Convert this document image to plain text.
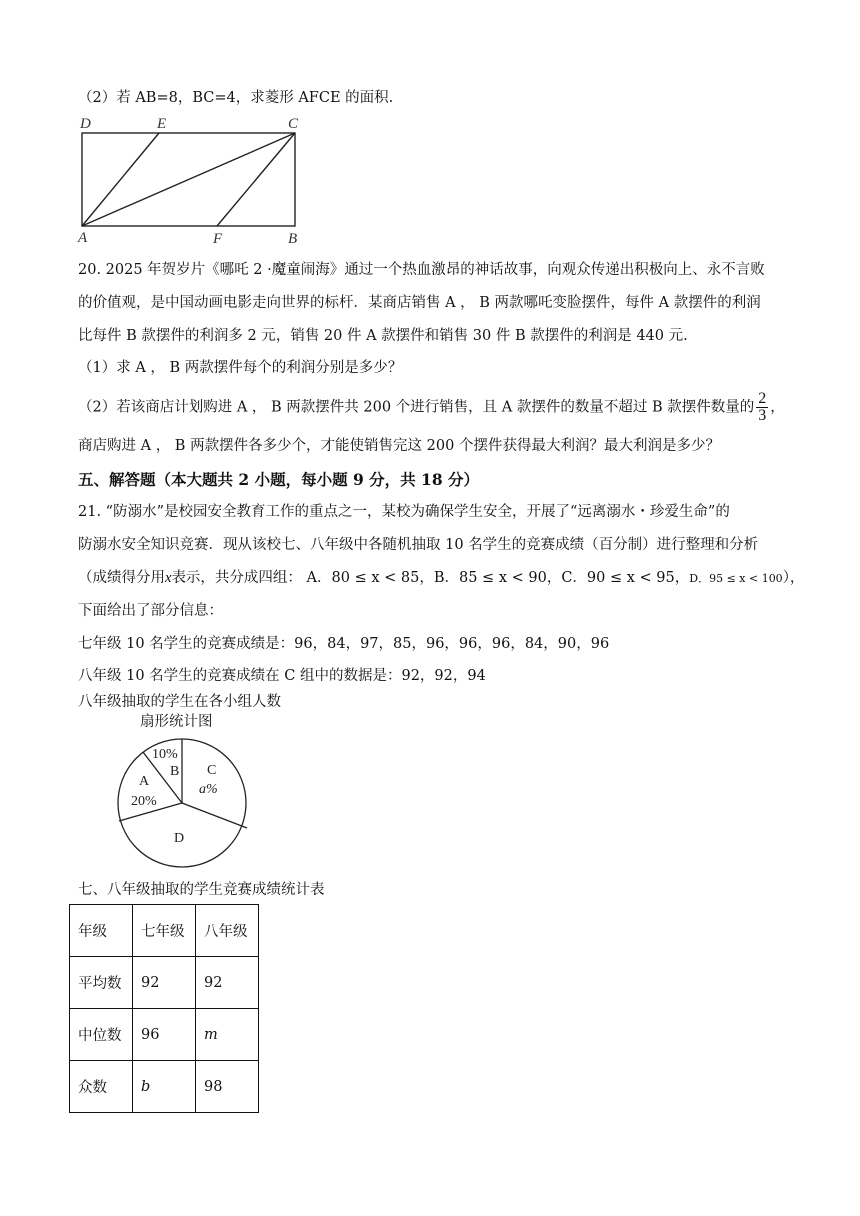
（2）若 AB=8，BC=4，求菱形 AFCE 的面积.
D	E	C
A	F	B
20. 2025 年贺岁片《哪吒 2 ·魔童闹海》通过一个热血激昂的神话故事，向观众传递出积极向上、永不言败
的价值观，是中国动画电影走向世界的标杆．某商店销售 A ， B 两款哪吒变脸摆件，每件 A 款摆件的利润
比每件 B 款摆件的利润多 2 元，销售 20 件 A 款摆件和销售 30 件 B 款摆件的利润是 440 元.
（1）求 A ， B 两款摆件每个的利润分别是多少？
（2）若该商店计划购进 A ， B 两款摆件共 200 个进行销售，且 A 款摆件的数量不超过 B 款摆件数量的 $\frac{2}{3}$ ，
商店购进 A ， B 两款摆件各多少个，才能使销售完这 200 个摆件获得最大利润？最大利润是多少？
五、解答题（本大题共 2 小题，每小题 9 分，共 18 分）
21. “防溺水”是校园安全教育工作的重点之一，某校为确保学生安全，开展了“远离溺水・珍爱生命”的
防溺水安全知识竞赛．现从该校七、八年级中各随机抽取 10 名学生的竞赛成绩（百分制）进行整理和分析
（成绩得分用x表示，共分成四组： A．80 ≤ x < 85，B．85 ≤ x < 90，C．90 ≤ x < 95，D．95 ≤ x < 100），
下面给出了部分信息：
七年级 10 名学生的竞赛成绩是：96，84，97，85，96，96，96，84，90，96
八年级 10 名学生的竞赛成绩在 C 组中的数据是：92，92，94
八年级抽取的学生在各小组人数
扇形统计图
10%
B
A
20%
C
a%
D
七、八年级抽取的学生竞赛成绩统计表
年级	七年级	八年级
平均数	92	92
中位数	96	m
众数	b	98
